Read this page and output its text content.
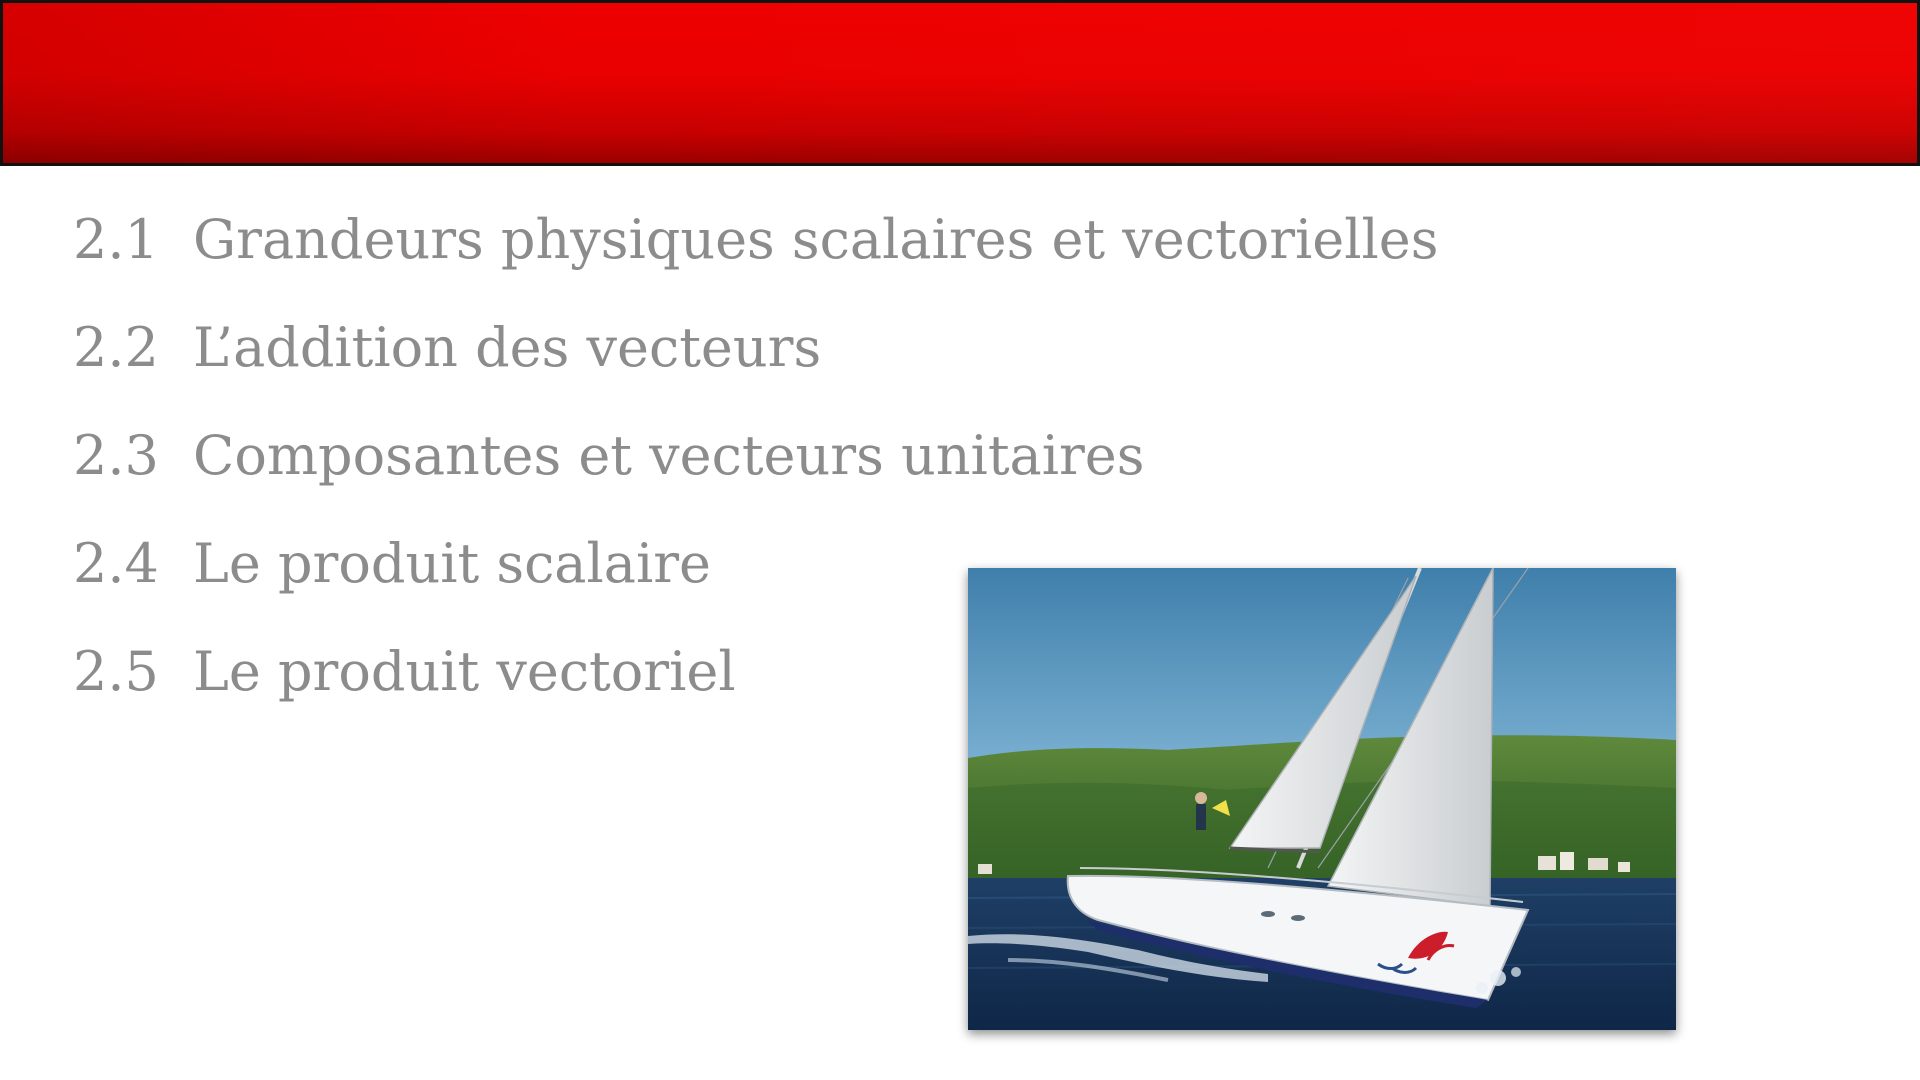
2.1 Grandeurs physiques scalaires et vectorielles
2.2 L’addition des vecteurs
2.3 Composantes et vecteurs unitaires
2.4 Le produit scalaire
2.5 Le produit vectoriel
